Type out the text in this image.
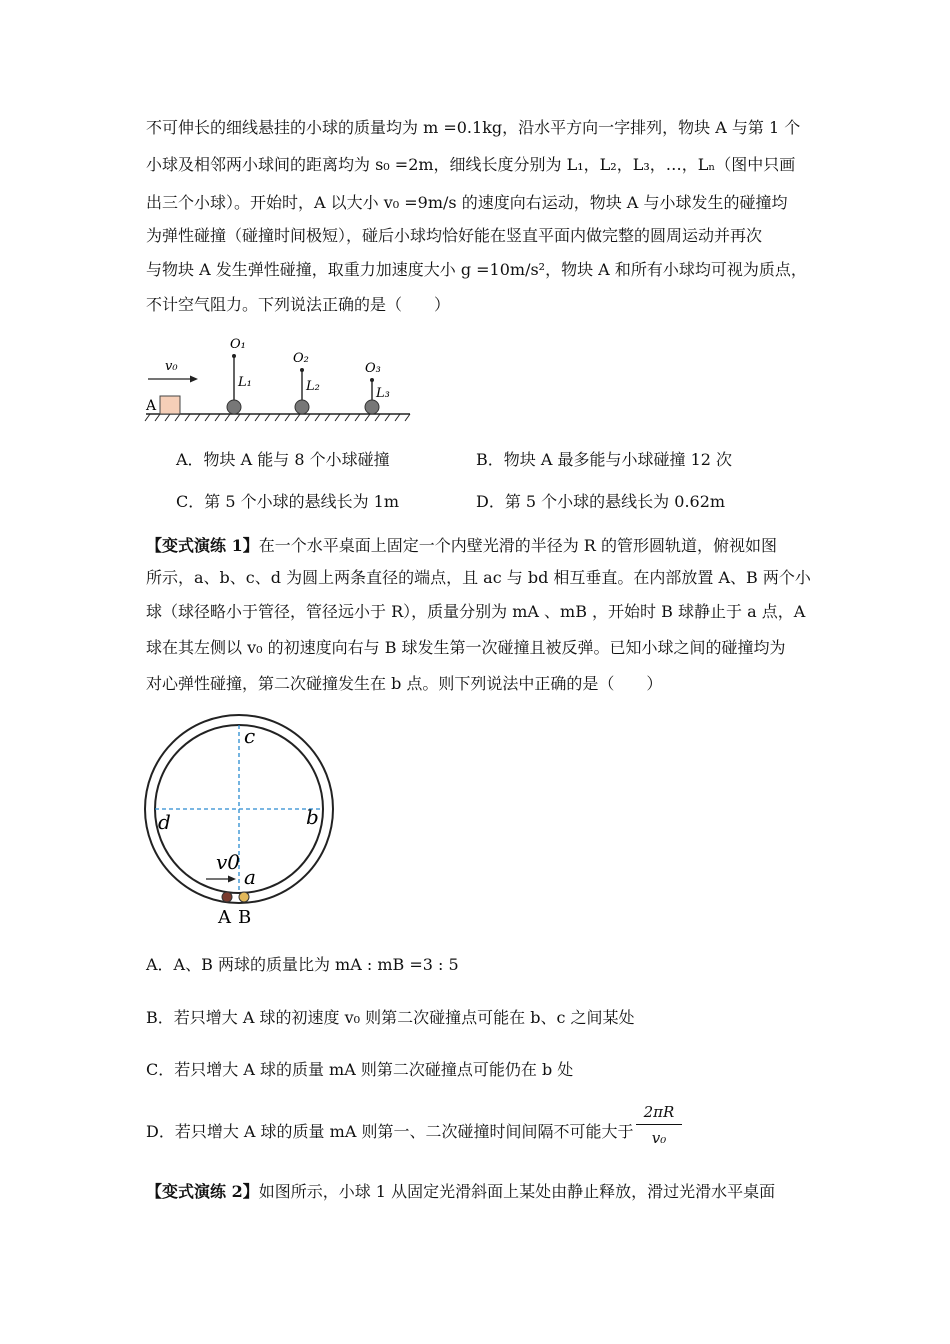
不可伸长的细线悬挂的小球的质量均为 m =0.1kg，沿水平方向一字排列，物块 A 与第 1 个
小球及相邻两小球间的距离均为 s₀ =2m，细线长度分别为 L₁，L₂，L₃，…，Lₙ（图中只画
出三个小球）。开始时，A 以大小 v₀ =9m/s 的速度向右运动，物块 A 与小球发生的碰撞均
为弹性碰撞（碰撞时间极短），碰后小球均恰好能在竖直平面内做完整的圆周运动并再次
与物块 A 发生弹性碰撞，取重力加速度大小 g =10m/s²，物块 A 和所有小球均可视为质点，
不计空气阻力。下列说法正确的是（　　）
A
v₀
O₁
L₁
O₂
L₂
O₃
L₃
A．物块 A 能与 8 个小球碰撞	B．物块 A 最多能与小球碰撞 12 次
C．第 5 个小球的悬线长为 1m	D．第 5 个小球的悬线长为 0.62m
【变式演练 1】在一个水平桌面上固定一个内壁光滑的半径为 R 的管形圆轨道，俯视如图
所示，a、b、c、d 为圆上两条直径的端点，且 ac 与 bd 相互垂直。在内部放置 A、B 两个小
球（球径略小于管径，管径远小于 R），质量分别为 mA 、mB ，开始时 B 球静止于 a 点，A
球在其左侧以 v₀ 的初速度向右与 B 球发生第一次碰撞且被反弹。已知小球之间的碰撞均为
对心弹性碰撞，第二次碰撞发生在 b 点。则下列说法中正确的是（　　）
c
d	b
a
v0
A B
A．A、B 两球的质量比为 mA : mB =3 : 5
B．若只增大 A 球的初速度 v₀ 则第二次碰撞点可能在 b、c 之间某处
C．若只增大 A 球的质量 mA 则第二次碰撞点可能仍在 b 处
D．若只增大 A 球的质量 mA 则第一、二次碰撞时间间隔不可能大于 $\frac{2\pi R}{\text{v₀}}$
【变式演练 2】如图所示，小球 1 从固定光滑斜面上某处由静止释放，滑过光滑水平桌面
